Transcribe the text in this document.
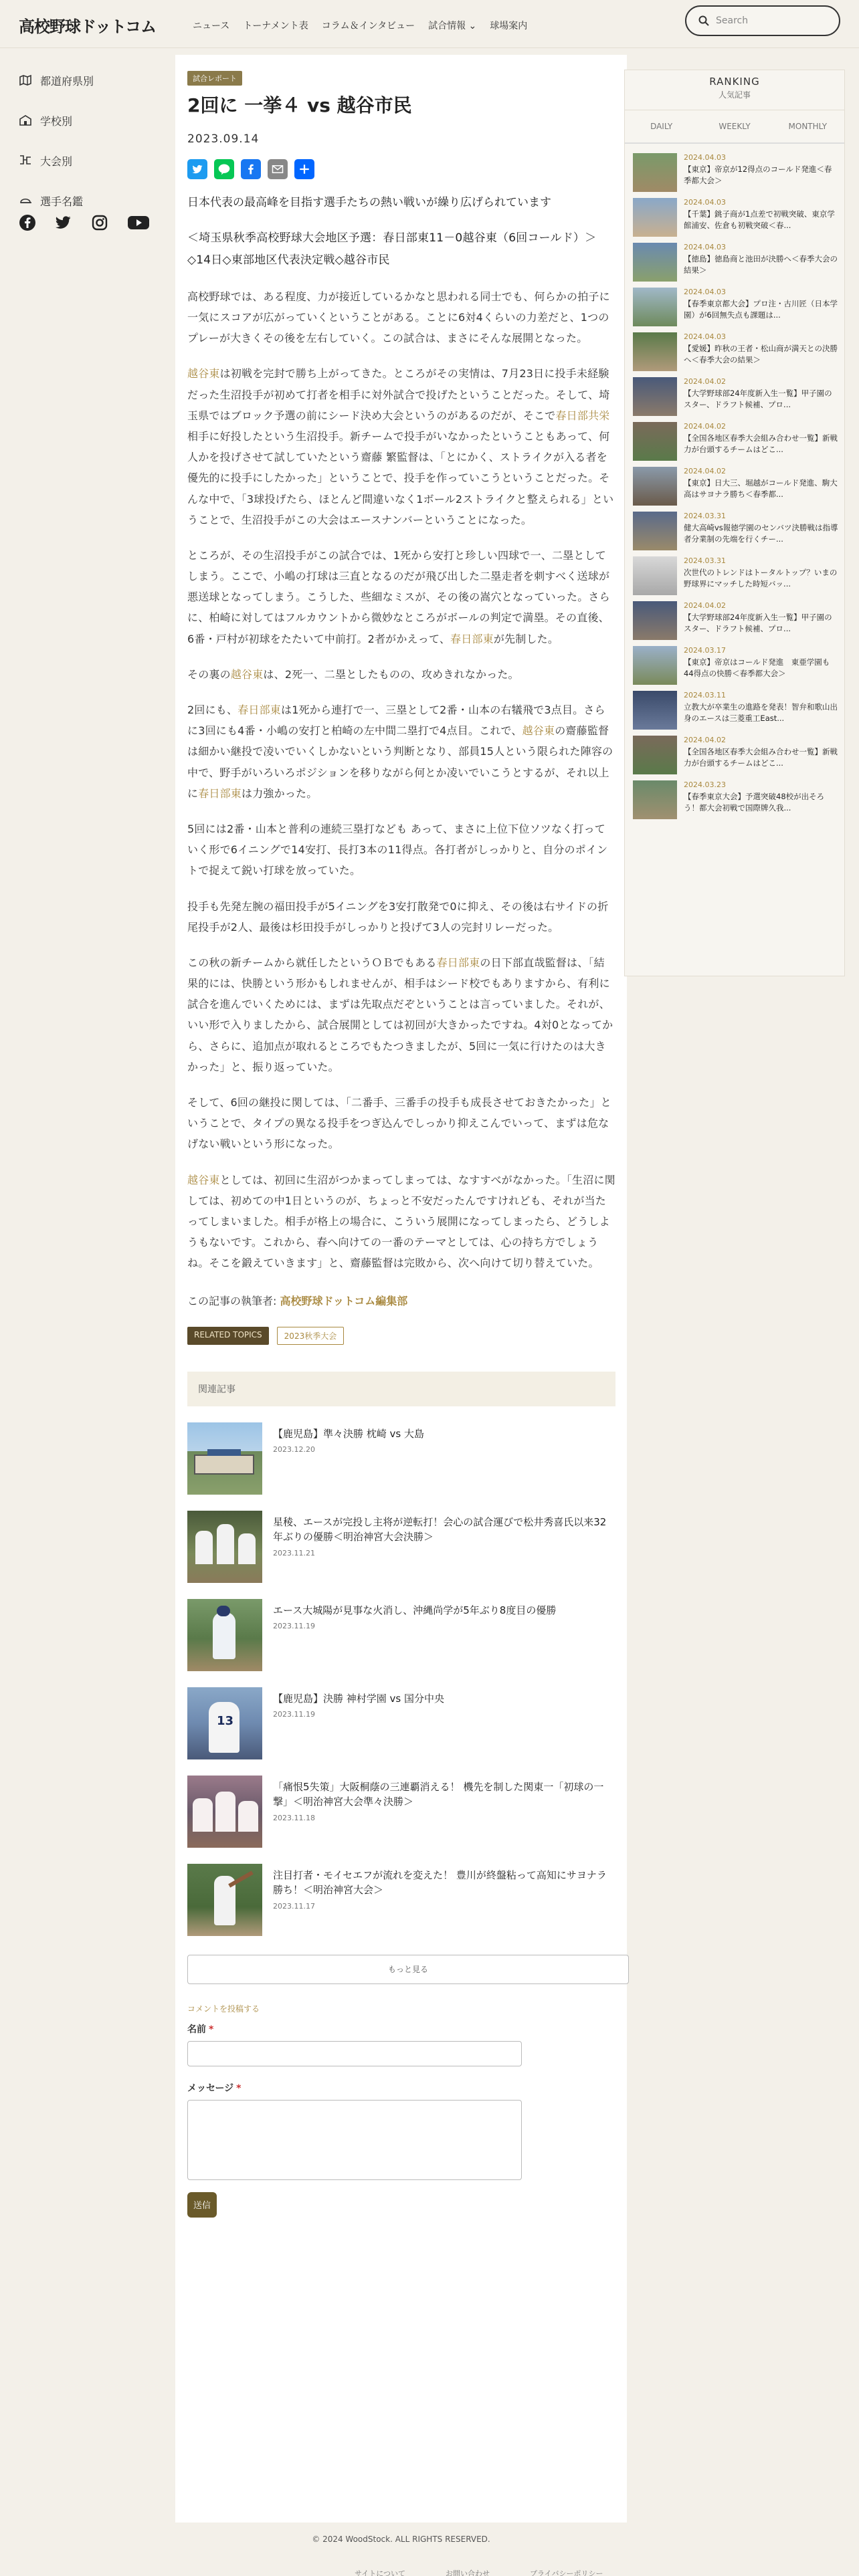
高校野球ドットコム	ニュース トーナメント表 コラム＆インタビュー 試合情報 ⌄ 球場案内
Search
都道府県別
学校別
大会別
選手名鑑
試合レポート
2回に 一挙４ vs 越谷市民
2023.09.14
日本代表の最高峰を目指す選手たちの熱い戦いが繰り広げられています

＜埼玉県秋季高校野球大会地区予選：春日部東11－0越谷東（6回コールド）＞◇14日◇東部地区代表決定戦◇越谷市民

高校野球では、ある程度、力が接近しているかなと思われる同士でも、何らかの拍子に一気にスコアが広がっていくということがある。ことに6対4くらいの力差だと、1つのプレーが大きくその後を左右していく。この試合は、まさにそんな展開となった。

越谷東は初戦を完封で勝ち上がってきた。ところがその実情は、7月23日に投手未経験だった生沼投手が初めて打者を相手に対外試合で投げたということだった。そして、埼玉県ではブロック予選の前にシード決め大会というのがあるのだが、そこで春日部共栄相手に好投したという生沼投手。新チームで投手がいなかったということもあって、何人かを投げさせて試していたという齋藤 繁監督は、「とにかく、ストライクが入る者を優先的に投手にしたかった」ということで、投手を作っていこうということだった。そんな中で、「3球投げたら、ほとんど間違いなく1ボール2ストライクと整えられる」ということで、生沼投手がこの大会はエースナンバーということになった。

ところが、その生沼投手がこの試合では、1死から安打と珍しい四球で一、二塁としてしまう。ここで、小嶋の打球は三直となるのだが飛び出した二塁走者を刺すべく送球が悪送球となってしまう。こうした、些細なミスが、その後の嵩穴となっていった。さらに、柏崎に対してはフルカウントから微妙なところがボールの判定で満塁。その直後、6番・戸村が初球をたたいて中前打。2者がかえって、春日部東が先制した。

その裏の越谷東は、2死一、二塁としたものの、攻めきれなかった。

2回にも、春日部東は1死から連打で一、三塁として2番・山本の右犠飛で3点目。さらに3回にも4番・小嶋の安打と柏崎の左中間二塁打で4点目。これで、越谷東の齋藤監督は細かい継投で凌いでいくしかないという判断となり、部員15人という限られた陣容の中で、野手がいろいろポジションを移りながら何とか凌いでいこうとするが、それ以上に春日部東は力強かった。

5回には2番・山本と普利の連続三塁打なども あって、まさに上位下位ソツなく打っていく形で6イニングで14安打、長打3本の11得点。各打者がしっかりと、自分のポイントで捉えて鋭い打球を放っていた。

投手も先発左腕の福田投手が5イニングを3安打散発で0に抑え、その後は右サイドの折尾投手が2人、最後は杉田投手がしっかりと投げて3人の完封リレーだった。

この秋の新チームから就任したというＯＢでもある春日部東の日下部直哉監督は、「結果的には、快勝という形かもしれませんが、相手はシード校でもありますから、有利に試合を進んでいくためには、まずは先取点だぞということは言っていました。それが、いい形で入りましたから、試合展開としては初回が大きかったですね。4対0となってから、さらに、追加点が取れるところでもたつきましたが、5回に一気に行けたのは大きかった」と、振り返っていた。

そして、6回の継投に関しては、「二番手、三番手の投手も成長させておきたかった」ということで、タイプの異なる投手をつぎ込んでしっかり抑えこんでいって、まずは危なげない戦いという形になった。

越谷東としては、初回に生沼がつかまってしまっては、なすすべがなかった。「生沼に関しては、初めての中1日というのが、ちょっと不安だったんですけれども、それが当たってしまいました。相手が格上の場合に、こういう展開になってしまったら、どうしようもないです。これから、春へ向けての一番のテーマとしては、心の持ち方でしょうね。そこを鍛えていきます」と、齋藤監督は完敗から、次へ向けて切り替えていた。

この記事の執筆者: 高校野球ドットコム編集部
RELATED TOPICS	2023秋季大会
関連記事
【鹿児島】準々決勝 枕崎 vs 大島
2023.12.20
星稜、エースが完投し主将が逆転打！会心の試合運びで松井秀喜氏以来32年ぶりの優勝＜明治神宮大会決勝＞
2023.11.21
エース大城陽が見事な火消し、沖縄尚学が5年ぶり8度目の優勝
2023.11.19
13
【鹿児島】決勝 神村学園 vs 国分中央
2023.11.19
「痛恨5失策」大阪桐蔭の三連覇消える！ 機先を制した関東一「初球の一撃」＜明治神宮大会準々決勝＞
2023.11.18
注目打者・モイセエフが流れを変えた！ 豊川が終盤粘って高知にサヨナラ勝ち！＜明治神宮大会＞
2023.11.17
もっと見る
コメントを投稿する
名前 *
メッセージ *
送信
RANKING
人気記事
DAILY	WEEKLY	MONTHLY
2024.04.03
【東京】帝京が12得点のコールド発進＜春季都大会＞
2024.04.03
【千葉】銚子商が1点差で初戦突破、東京学館浦安、佐倉も初戦突破＜春...
2024.04.03
【徳島】徳島商と池田が決勝へ＜春季大会の結果＞
2024.04.03
【春季東京都大会】プロ注・古川匠（日本学園）が6回無失点も課題は...
2024.04.03
【愛媛】昨秋の王者・松山商が満天との決勝へ＜春季大会の結果＞
2024.04.02
【大学野球部24年度新入生一覧】甲子園のスター、ドラフト候補、プロ...
2024.04.02
【全国各地区春季大会組み合わせ一覧】新戦力が台頭するチームはどこ...
2024.04.02
【東京】日大三、堀越がコールド発進、駒大高はサヨナラ勝ち＜春季都...
2024.03.31
健大高崎vs報徳学園のセンバツ決勝戦は指導者分業制の先端を行くチー...
2024.03.31
次世代のトレンドはトータルトップ？いまの野球界にマッチした時短バッ...
2024.04.02
【大学野球部24年度新入生一覧】甲子園のスター、ドラフト候補、プロ...
2024.03.17
【東京】帝京はコールド発進　東亜学園も44得点の快勝＜春季都大会＞
2024.03.11
立教大が卒業生の進路を発表！智弁和歌山出身のエースは三菱重工East...
2024.04.02
【全国各地区春季大会組み合わせ一覧】新戦力が台頭するチームはどこ...
2024.03.23
【春季東京大会】予選突破48校が出そろう！都大会初戦で国際牌久我...
© 2024 WoodStock. ALL RIGHTS RESERVED.
サイトについて	お問い合わせ	プライバシーポリシー
